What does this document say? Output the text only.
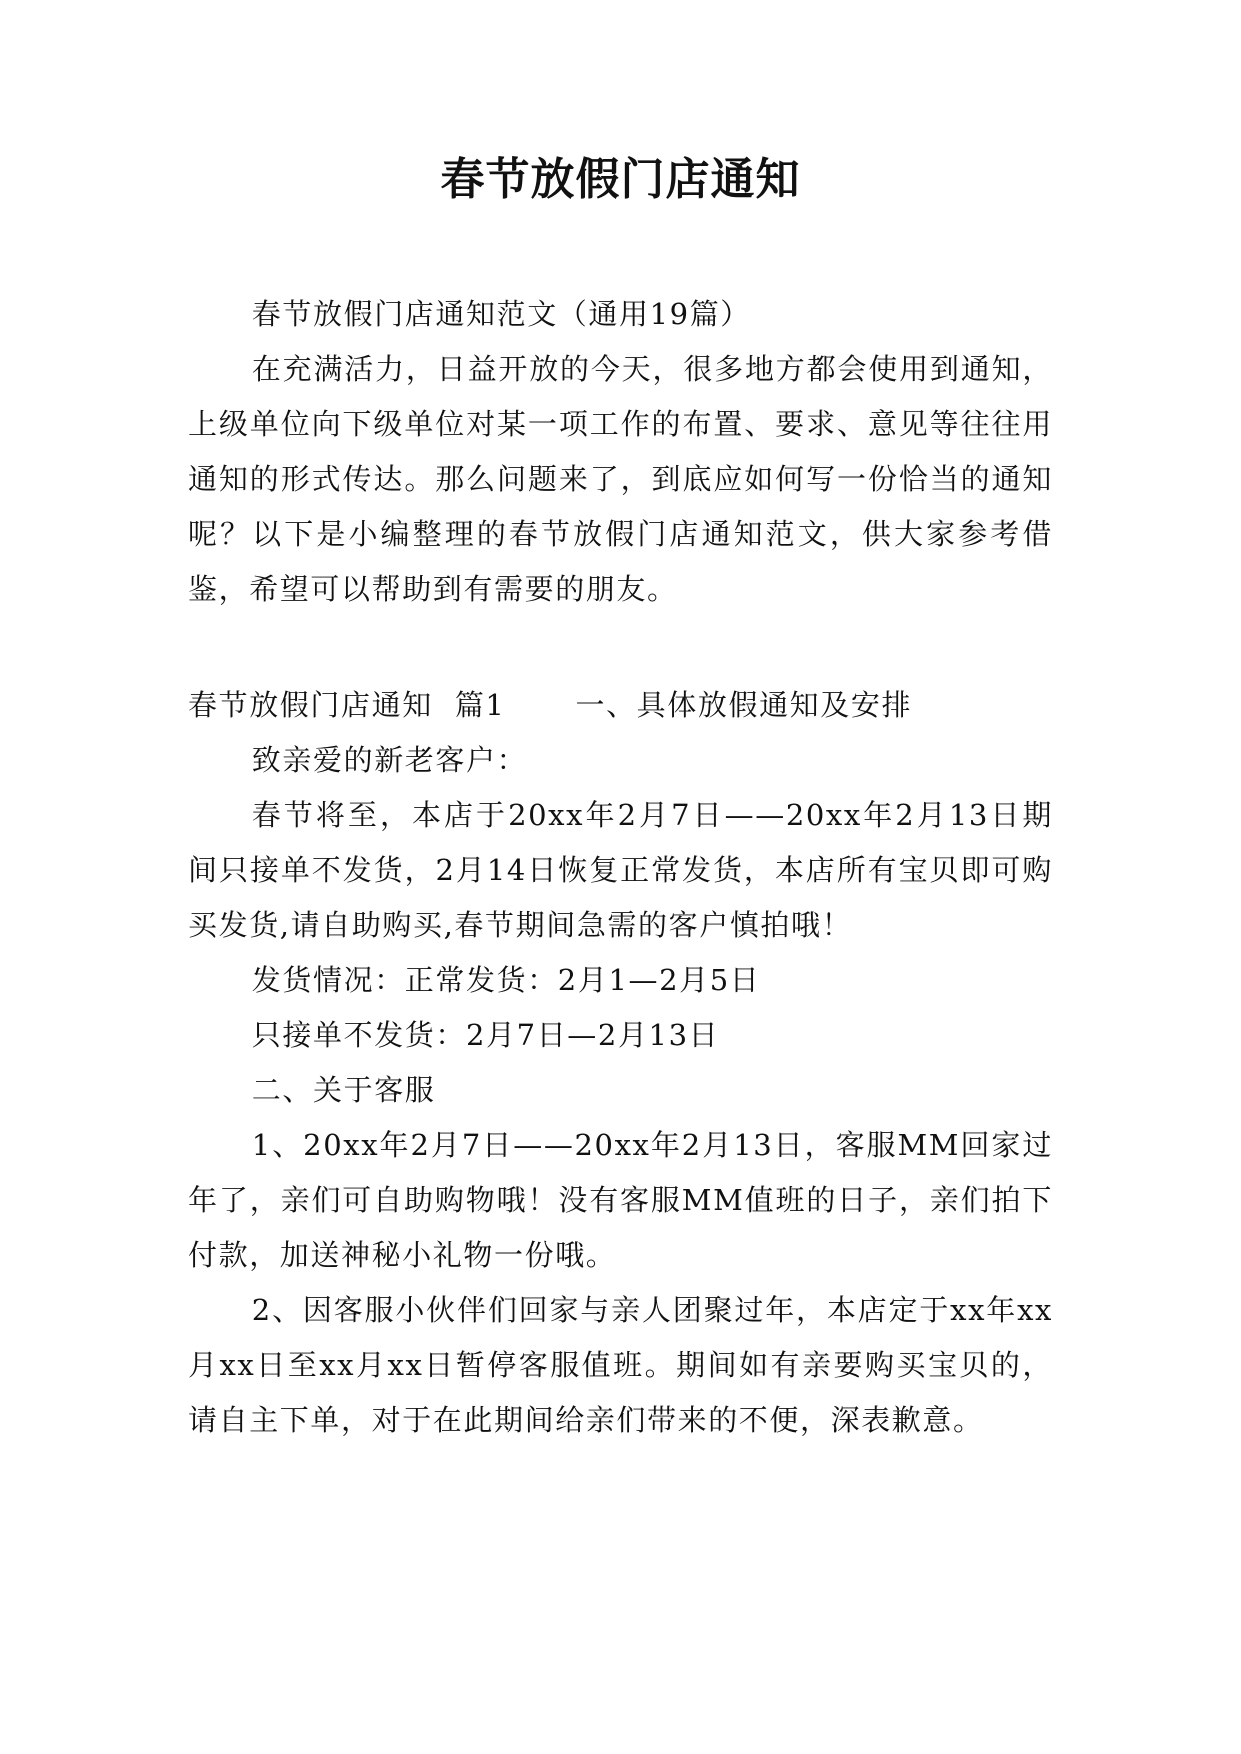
春节放假门店通知

春节放假门店通知范文（通用19篇）

在充满活力，日益开放的今天，很多地方都会使用到通知，上级单位向下级单位对某一项工作的布置、要求、意见等往往用通知的形式传达。那么问题来了，到底应如何写一份恰当的通知呢？以下是小编整理的春节放假门店通知范文，供大家参考借鉴，希望可以帮助到有需要的朋友。

春节放假门店通知 篇1 一、具体放假通知及安排

致亲爱的新老客户：

春节将至，本店于20xx年2月7日——20xx年2月13日期间只接单不发货，2月14日恢复正常发货，本店所有宝贝即可购买发货,请自助购买,春节期间急需的客户慎拍哦！

发货情况：正常发货：2月1—2月5日

只接单不发货：2月7日—2月13日

二、关于客服

1、20xx年2月7日——20xx年2月13日，客服MM回家过年了，亲们可自助购物哦！没有客服MM值班的日子，亲们拍下付款，加送神秘小礼物一份哦。

2、因客服小伙伴们回家与亲人团聚过年，本店定于xx年xx月xx日至xx月xx日暂停客服值班。期间如有亲要购买宝贝的，请自主下单，对于在此期间给亲们带来的不便，深表歉意。
